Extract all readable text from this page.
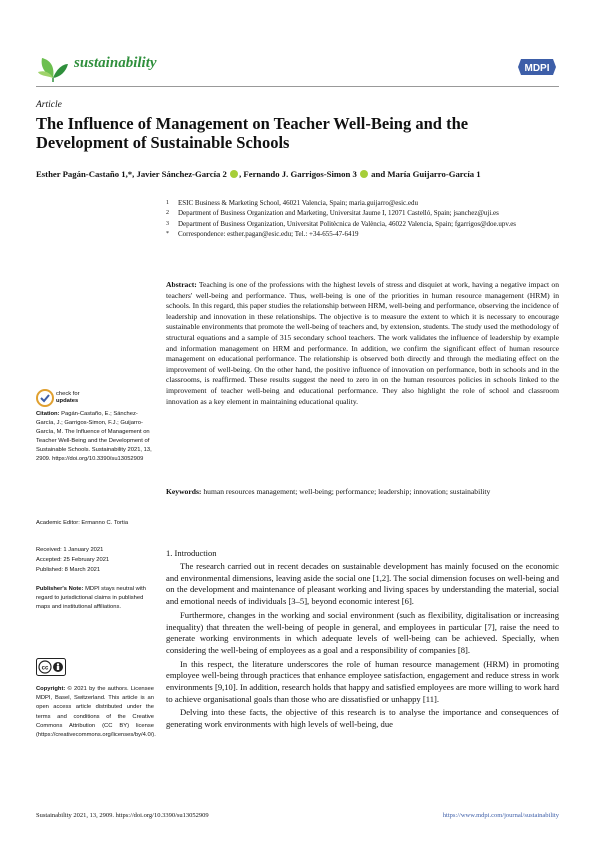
sustainability	MDPI
Article
The Influence of Management on Teacher Well-Being and the Development of Sustainable Schools
Esther Pagán-Castaño 1,*, Javier Sánchez-García 2 , Fernando J. Garrigos-Simon 3  and María Guijarro-García 1
1	ESIC Business & Marketing School, 46021 Valencia, Spain; maria.guijarro@esic.edu
2	Department of Business Organization and Marketing, Universitat Jaume I, 12071 Castelló, Spain; jsanchez@uji.es
3	Department of Business Organization, Universitat Politècnica de València, 46022 Valencia, Spain; fgarrigos@doe.upv.es
*	Correspondence: esther.pagan@esic.edu; Tel.: +34-655-47-6419
Abstract: Teaching is one of the professions with the highest levels of stress and disquiet at work, having a negative impact on teachers' well-being and performance. Thus, well-being is one of the priorities in human resource management (HRM) in schools. In this regard, this paper studies the relationship between HRM, well-being and performance, observing the incidence of leadership and innovation in these relationships. The objective is to measure the extent to which it is necessary to encourage sustainable environments that promote the well-being of teachers and, by extension, students. The study used the methodology of structural equations and a sample of 315 secondary school teachers. The work validates the influence of leadership by example and information management on HRM and performance. In addition, we confirm the significant effect of human resource management on educational performance. The relationship is observed both directly and through the mediating effect on the improvement of well-being. On the other hand, the positive influence of innovation on performance, both in schools and in the classrooms, is reaffirmed. These results suggest the need to zero in on the human resources policies in schools linked to the improvement of teacher well-being and educational performance. They also highlight the role of school and classroom innovation as a key element in maintaining educational quality.
Keywords: human resources management; well-being; performance; leadership; innovation; sustainability
check for
updates
Citation: Pagán-Castaño, E.; Sánchez-García, J.; Garrigos-Simon, F.J.; Guijarro-García, M. The Influence of Management on Teacher Well-Being and the Development of Sustainable Schools. Sustainability 2021, 13, 2909. https://doi.org/10.3390/su13052909
Academic Editor: Ermanno C. Tortia
Received: 1 January 2021
Accepted: 25 February 2021
Published: 8 March 2021
Publisher's Note: MDPI stays neutral with regard to jurisdictional claims in published maps and institutional affiliations.
cc
Copyright: © 2021 by the authors. Licensee MDPI, Basel, Switzerland. This article is an open access article distributed under the terms and conditions of the Creative Commons Attribution (CC BY) license (https://creativecommons.org/licenses/by/4.0/).
1. Introduction

The research carried out in recent decades on sustainable development has mainly focused on the economic and environmental dimensions, leaving aside the social one [1,2]. The social dimension focuses on well-being and on the development and maintenance of pleasant working and living spaces by understanding the material, social and emotional needs of individuals [3–5], beyond economic interest [6].

Furthermore, changes in the working and social environment (such as flexibility, digitalisation or increasing inequality) that threaten the well-being of people in general, and employees in particular [7], raise the need to generate working environments in which adequate levels of well-being can be achieved. Specially, when considering the well-being of employees as a goal and a responsibility of companies [8].

In this respect, the literature underscores the role of human resource management (HRM) in promoting employee well-being through practices that enhance employee satisfaction, engagement and reduce stress in work environments [9,10]. In addition, research holds that happy and satisfied employees are more willing to work hard to achieve organisational goals than those who are dissatisfied or unhappy [11].

Delving into these facts, the objective of this research is to analyse the importance and consequences of generating work environments with high levels of well-being, due

Sustainability 2021, 13, 2909. https://doi.org/10.3390/su13052909	https://www.mdpi.com/journal/sustainability
